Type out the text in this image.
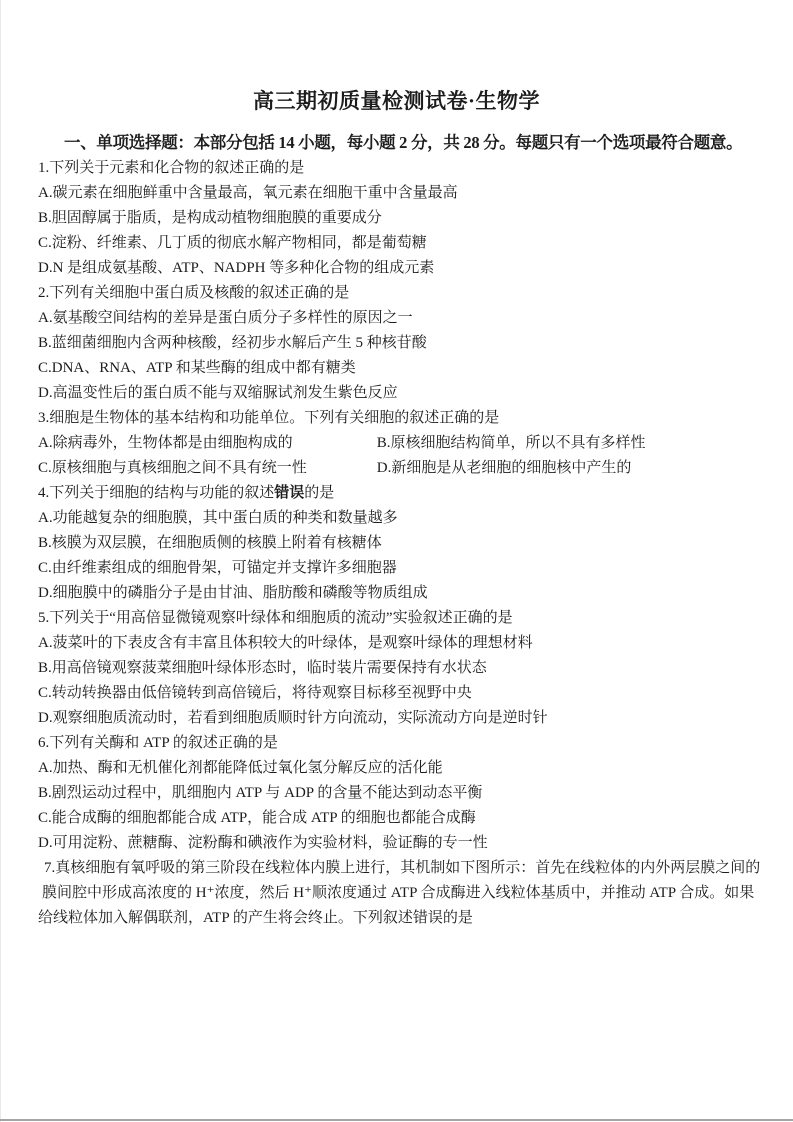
高三期初质量检测试卷·生物学
一、单项选择题：本部分包括 14 小题，每小题 2 分，共 28 分。每题只有一个选项最符合题意。
1.下列关于元素和化合物的叙述正确的是
A.碳元素在细胞鲜重中含量最高，氧元素在细胞干重中含量最高
B.胆固醇属于脂质，是构成动植物细胞膜的重要成分
C.淀粉、纤维素、几丁质的彻底水解产物相同，都是葡萄糖
D.N 是组成氨基酸、ATP、NADPH 等多种化合物的组成元素
2.下列有关细胞中蛋白质及核酸的叙述正确的是
A.氨基酸空间结构的差异是蛋白质分子多样性的原因之一
B.蓝细菌细胞内含两种核酸，经初步水解后产生 5 种核苷酸
C.DNA、RNA、ATP 和某些酶的组成中都有糖类
D.高温变性后的蛋白质不能与双缩脲试剂发生紫色反应
3.细胞是生物体的基本结构和功能单位。下列有关细胞的叙述正确的是
A.除病毒外，生物体都是由细胞构成的	B.原核细胞结构简单，所以不具有多样性
C.原核细胞与真核细胞之间不具有统一性	D.新细胞是从老细胞的细胞核中产生的
4.下列关于细胞的结构与功能的叙述错误的是
A.功能越复杂的细胞膜，其中蛋白质的种类和数量越多
B.核膜为双层膜，在细胞质侧的核膜上附着有核糖体
C.由纤维素组成的细胞骨架，可锚定并支撑许多细胞器
D.细胞膜中的磷脂分子是由甘油、脂肪酸和磷酸等物质组成
5.下列关于“用高倍显微镜观察叶绿体和细胞质的流动”实验叙述正确的是
A.菠菜叶的下表皮含有丰富且体积较大的叶绿体，是观察叶绿体的理想材料
B.用高倍镜观察菠菜细胞叶绿体形态时，临时装片需要保持有水状态
C.转动转换器由低倍镜转到高倍镜后，将待观察目标移至视野中央
D.观察细胞质流动时，若看到细胞质顺时针方向流动，实际流动方向是逆时针
6.下列有关酶和 ATP 的叙述正确的是
A.加热、酶和无机催化剂都能降低过氧化氢分解反应的活化能
B.剧烈运动过程中，肌细胞内 ATP 与 ADP 的含量不能达到动态平衡
C.能合成酶的细胞都能合成 ATP，能合成 ATP 的细胞也都能合成酶
D.可用淀粉、蔗糖酶、淀粉酶和碘液作为实验材料，验证酶的专一性
7.真核细胞有氧呼吸的第三阶段在线粒体内膜上进行，其机制如下图所示：首先在线粒体的内外两层膜之间的
膜间腔中形成高浓度的 H⁺浓度，然后 H⁺顺浓度通过 ATP 合成酶进入线粒体基质中，并推动 ATP 合成。如果
给线粒体加入解偶联剂，ATP 的产生将会终止。下列叙述错误的是
